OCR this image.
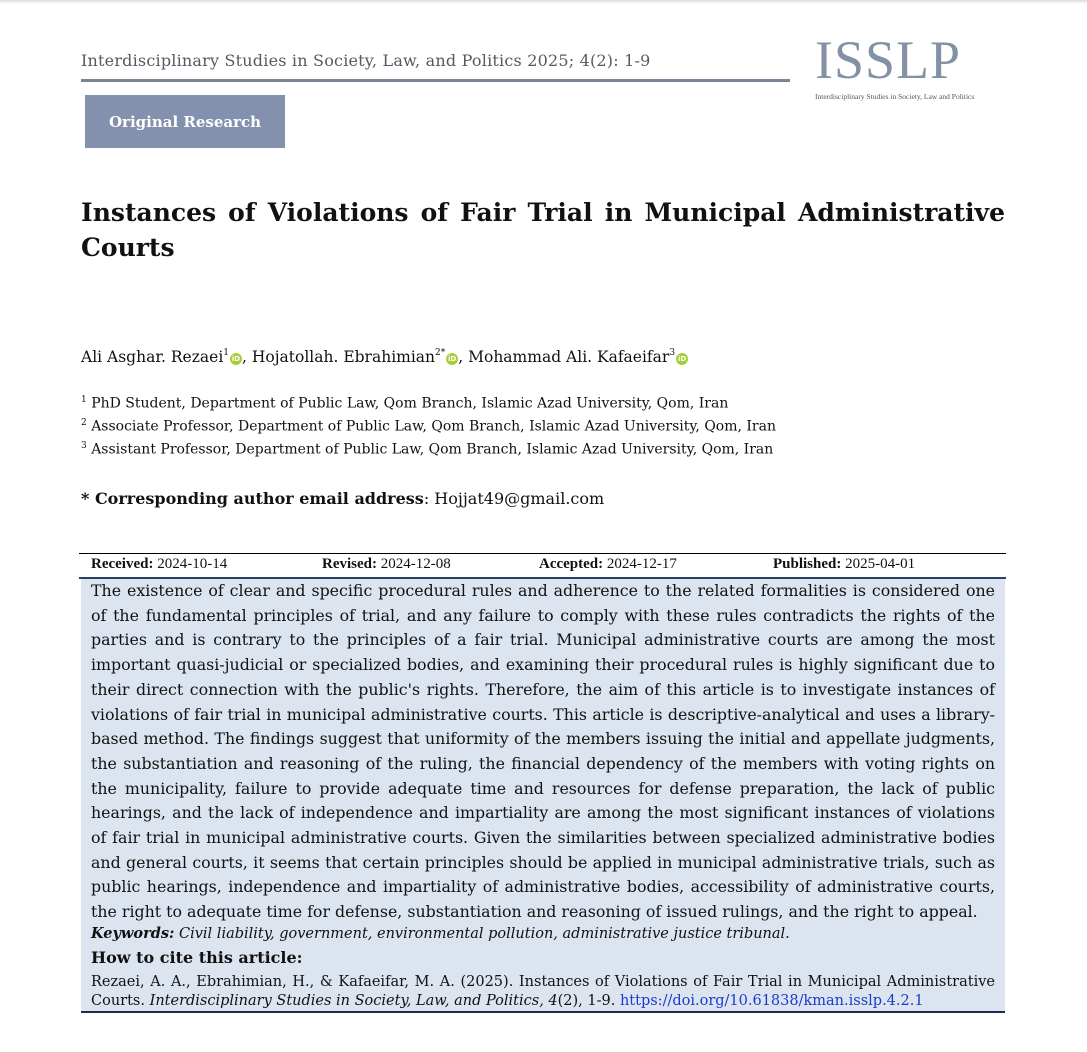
Interdisciplinary Studies in Society, Law, and Politics 2025; 4(2): 1-9	ISSLP
Interdisciplinary Studies in Society, Law and Politics
Original Research
Instances of Violations of Fair Trial in Municipal Administrative Courts
Ali Asghar. Rezaei$^1$iD , Hojatollah. Ebrahimian$^{2*}$iD , Mohammad Ali. Kafaeifar$^3$iD
$^1$ PhD Student, Department of Public Law, Qom Branch, Islamic Azad University, Qom, Iran
$^2$ Associate Professor, Department of Public Law, Qom Branch, Islamic Azad University, Qom, Iran
$^3$ Assistant Professor, Department of Public Law, Qom Branch, Islamic Azad University, Qom, Iran
* Corresponding author email address: Hojjat49@gmail.com
Received: 2024-10-14	Revised: 2024-12-08	Accepted: 2024-12-17	Published: 2025-04-01

The existence of clear and specific procedural rules and adherence to the related formalities is considered one of the fundamental principles of trial, and any failure to comply with these rules contradicts the rights of the parties and is contrary to the principles of a fair trial. Municipal administrative courts are among the most important quasi-judicial or specialized bodies, and examining their procedural rules is highly significant due to their direct connection with the public's rights. Therefore, the aim of this article is to investigate instances of violations of fair trial in municipal administrative courts. This article is descriptive-analytical and uses a library-based method. The findings suggest that uniformity of the members issuing the initial and appellate judgments, the substantiation and reasoning of the ruling, the financial dependency of the members with voting rights on the municipality, failure to provide adequate time and resources for defense preparation, the lack of public hearings, and the lack of independence and impartiality are among the most significant instances of violations of fair trial in municipal administrative courts. Given the similarities between specialized administrative bodies and general courts, it seems that certain principles should be applied in municipal administrative trials, such as public hearings, independence and impartiality of administrative bodies, accessibility of administrative courts, the right to adequate time for defense, substantiation and reasoning of issued rulings, and the right to appeal.

Keywords: Civil liability, government, environmental pollution, administrative justice tribunal.
How to cite this article:
Rezaei, A. A., Ebrahimian, H., & Kafaeifar, M. A. (2025). Instances of Violations of Fair Trial in Municipal Administrative Courts. Interdisciplinary Studies in Society, Law, and Politics, 4(2), 1-9. https://doi.org/10.61838/kman.isslp.4.2.1
